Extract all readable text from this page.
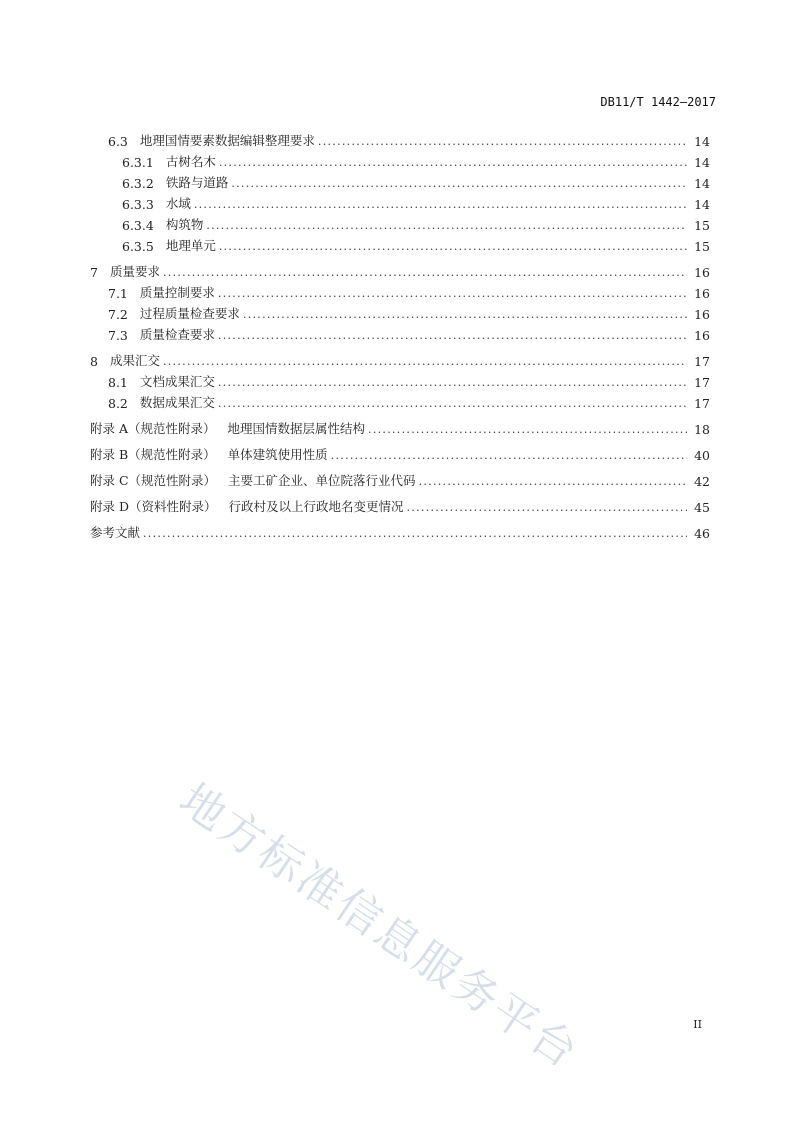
DB11/T 1442—2017
6.3 地理国情要素数据编辑整理要求 .....	14
6.3.1 古树名木 .....	14
6.3.2 铁路与道路 .....	14
6.3.3 水域 .....	14
6.3.4 构筑物 .....	15
6.3.5 地理单元 .....	15
7 质量要求 .....	16
7.1 质量控制要求 .....	16
7.2 过程质量检查要求 .....	16
7.3 质量检查要求 .....	16
8 成果汇交 .....	17
8.1 文档成果汇交 .....	17
8.2 数据成果汇交 .....	17
附录 A（规范性附录） 地理国情数据层属性结构 .....	18
附录 B（规范性附录） 单体建筑使用性质 .....	40
附录 C（规范性附录） 主要工矿企业、单位院落行业代码 .....	42
附录 D（资料性附录） 行政村及以上行政地名变更情况 .....	45
参考文献 .....	46
地方标准信息服务平台	II
